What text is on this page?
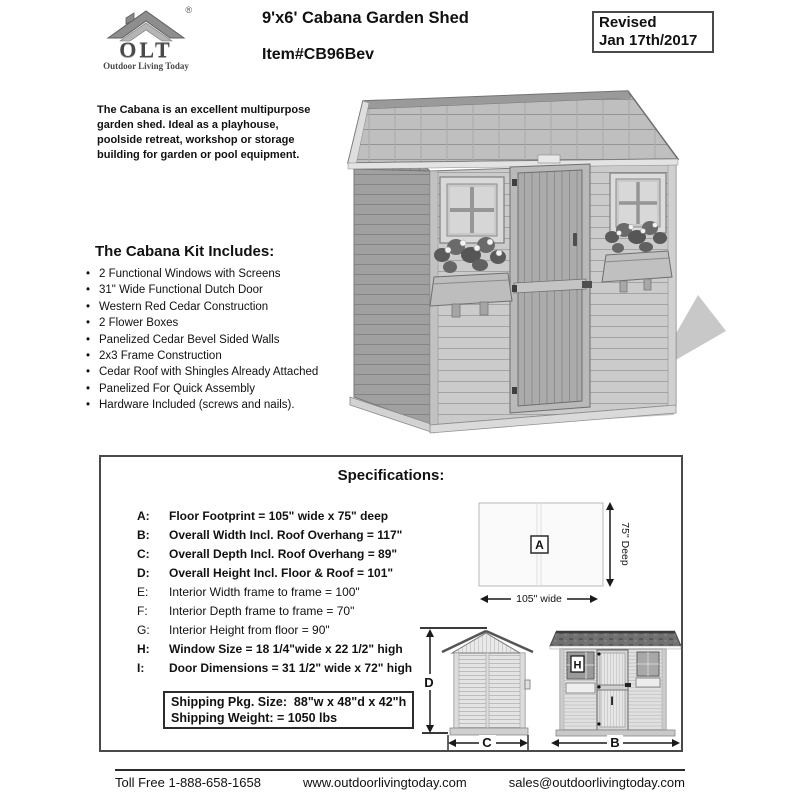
OLT
Outdoor Living Today
®	9'x6' Cabana Garden Shed
Item#CB96Bev
Revised
Jan 17th/2017
The Cabana is an excellent multipurpose
garden shed. Ideal as a playhouse,
poolside retreat, workshop or storage
building for garden or pool equipment.
The Cabana Kit Includes:
• 2 Functional Windows with Screens
• 31" Wide Functional Dutch Door
• Western Red Cedar Construction
• 2 Flower Boxes
• Panelized Cedar Bevel Sided Walls
• 2x3 Frame Construction
• Cedar Roof with Shingles Already Attached
• Panelized For Quick Assembly
• Hardware Included (screws and nails).
Specifications:
A:	Floor Footprint = 105" wide x 75" deep
B:	Overall Width Incl. Roof Overhang = 117"
C:	Overall Depth Incl. Roof Overhang = 89"
D:	Overall Height Incl. Floor & Roof = 101"
E:	Interior Width frame to frame = 100"
F:	Interior Depth frame to frame = 70"
G:	Interior Height from floor = 90"
H:	Window Size = 18 1/4"wide x 22 1/2" high
I:	Door Dimensions = 31 1/2" wide x 72" high
A	75" Deep
105" wide
D
C
H
I
B
Shipping Pkg. Size:  88"w x 48"d x 42"h
Shipping Weight: = 1050 lbs
Toll Free 1-888-658-1658	www.outdoorlivingtoday.com	sales@outdoorlivingtoday.com
